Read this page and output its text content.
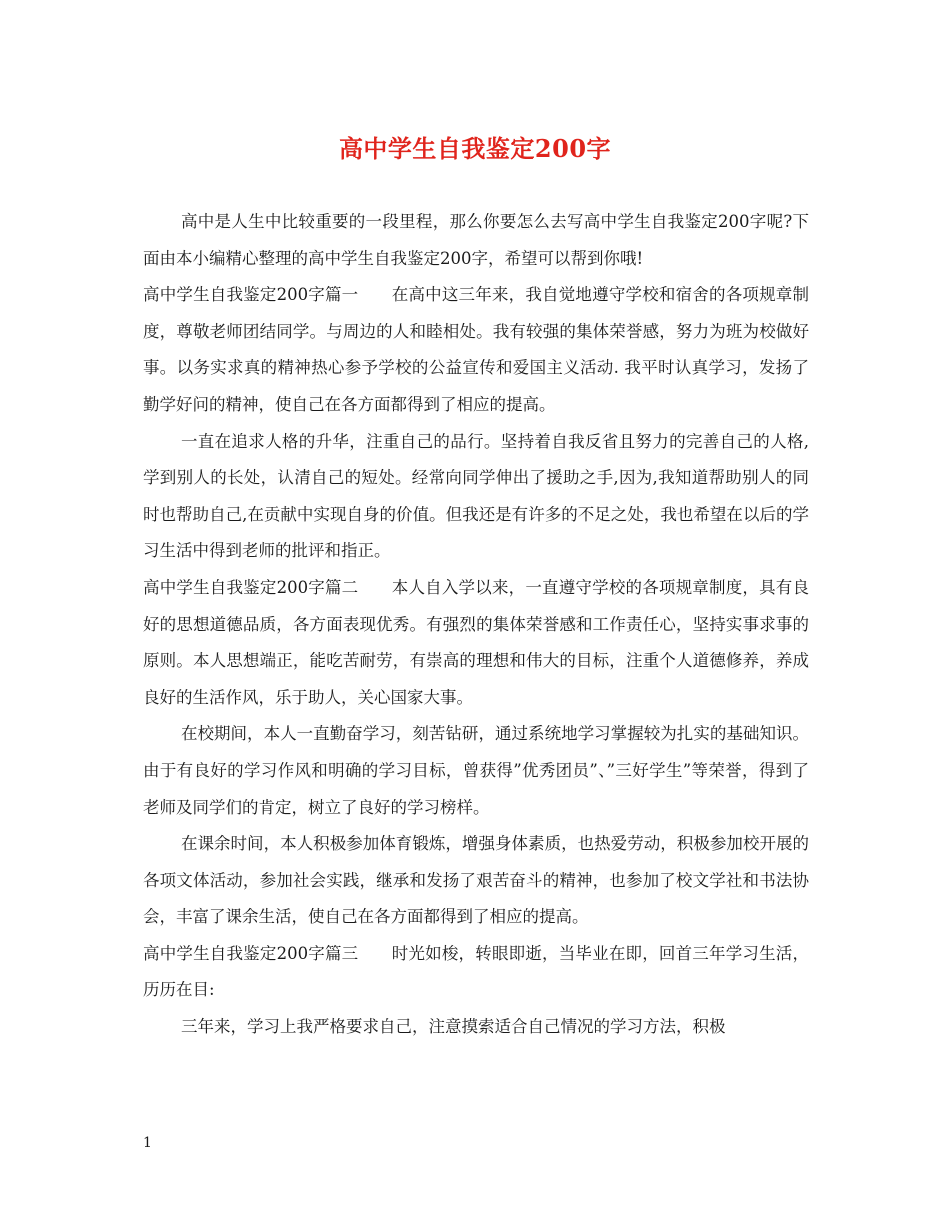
高中学生自我鉴定200字

高中是人生中比较重要的一段里程，那么你要怎么去写高中学生自我鉴定200字呢?下面由本小编精心整理的高中学生自我鉴定200字，希望可以帮到你哦!

高中学生自我鉴定200字篇一　　在高中这三年来，我自觉地遵守学校和宿舍的各项规章制度，尊敬老师团结同学。与周边的人和睦相处。我有较强的集体荣誉感，努力为班为校做好事。以务实求真的精神热心参予学校的公益宣传和爱国主义活动. 我平时认真学习，发扬了勤学好问的精神，使自己在各方面都得到了相应的提高。

一直在追求人格的升华，注重自己的品行。坚持着自我反省且努力的完善自己的人格,学到别人的长处，认清自己的短处。经常向同学伸出了援助之手,因为,我知道帮助别人的同时也帮助自己,在贡献中实现自身的价值。但我还是有许多的不足之处，我也希望在以后的学习生活中得到老师的批评和指正。

高中学生自我鉴定200字篇二　　本人自入学以来，一直遵守学校的各项规章制度，具有良好的思想道德品质，各方面表现优秀。有强烈的集体荣誉感和工作责任心，坚持实事求事的原则。本人思想端正，能吃苦耐劳，有崇高的理想和伟大的目标，注重个人道德修养，养成良好的生活作风，乐于助人，关心国家大事。

在校期间，本人一直勤奋学习，刻苦钻研，通过系统地学习掌握较为扎实的基础知识。由于有良好的学习作风和明确的学习目标，曾获得”优秀团员”、”三好学生”等荣誉，得到了老师及同学们的肯定，树立了良好的学习榜样。

在课余时间，本人积极参加体育锻炼，增强身体素质，也热爱劳动，积极参加校开展的各项文体活动，参加社会实践，继承和发扬了艰苦奋斗的精神，也参加了校文学社和书法协会，丰富了课余生活，使自己在各方面都得到了相应的提高。

高中学生自我鉴定200字篇三　　时光如梭，转眼即逝，当毕业在即，回首三年学习生活，历历在目:

三年来，学习上我严格要求自己，注意摸索适合自己情况的学习方法，积极

1
